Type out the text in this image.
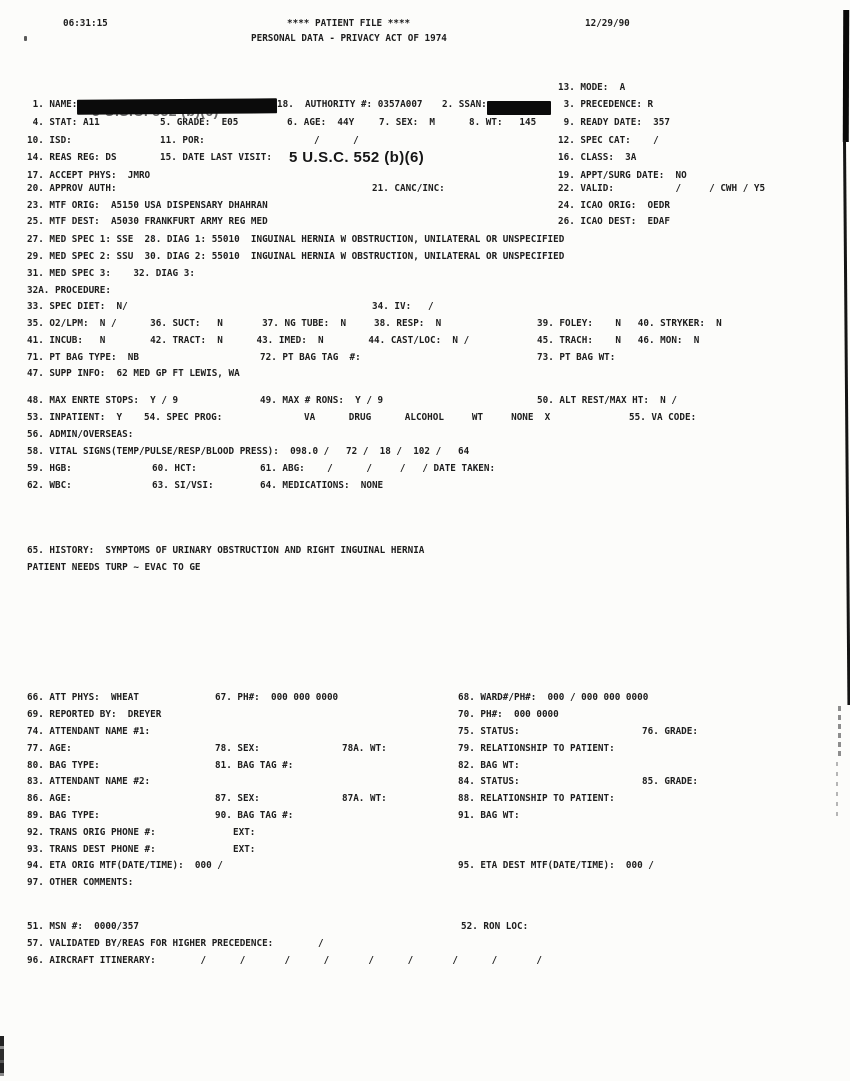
06:31:15	**** PATIENT FILE ****	12/29/90
PERSONAL DATA - PRIVACY ACT OF 1974
5 U.S.C. 552 (b)(6)
13. MODE:  A
1. NAME:	18.  AUTHORITY #: 0357A007 2. SSAN:	3. PRECEDENCE: R
4. STAT: A11	5. GRADE:  E05	6. AGE:  44Y	7. SEX:  M	8. WT:   145 9. READY DATE:  357
10. ISD:	11. POR:	/      /	12. SPEC CAT:    /
14. REAS REG: DS	15. DATE LAST VISIT:	16. CLASS:  3A
17. ACCEPT PHYS:  JMRO	19. APPT/SURG DATE:  NO
20. APPROV AUTH:	21. CANC/INC:	22. VALID:           /     / CWH / Y5
23. MTF ORIG:  A5150 USA DISPENSARY DHAHRAN	24. ICAO ORIG:  OEDR
25. MTF DEST:  A5030 FRANKFURT ARMY REG MED	26. ICAO DEST:  EDAF
27. MED SPEC 1: SSE  28. DIAG 1: 55010  INGUINAL HERNIA W OBSTRUCTION, UNILATERAL OR UNSPECIFIED
29. MED SPEC 2: SSU  30. DIAG 2: 55010  INGUINAL HERNIA W OBSTRUCTION, UNILATERAL OR UNSPECIFIED
31. MED SPEC 3:    32. DIAG 3:
32A. PROCEDURE:
33. SPEC DIET:  N/	34. IV:   /
35. O2/LPM:  N /      36. SUCT:   N       37. NG TUBE:  N     38. RESP:  N	39. FOLEY:    N   40. STRYKER:  N
41. INCUB:   N        42. TRACT:  N      43. IMED:  N        44. CAST/LOC:  N /	45. TRACH:    N   46. MON:  N
71. PT BAG TYPE:  NB	72. PT BAG TAG  #:	73. PT BAG WT:
47. SUPP INFO:  62 MED GP FT LEWIS, WA
48. MAX ENRTE STOPS:  Y / 9	49. MAX # RONS:  Y / 9	50. ALT REST/MAX HT:  N /
53. INPATIENT:  Y 54. SPEC PROG:	VA      DRUG      ALCOHOL     WT     NONE  X	55. VA CODE:
56. ADMIN/OVERSEAS:
58. VITAL SIGNS(TEMP/PULSE/RESP/BLOOD PRESS):  098.0 /   72 /  18 /  102 /   64
59. HGB:	60. HCT:	61. ABG:    /      /     /   / DATE TAKEN:
62. WBC:	63. SI/VSI:	64. MEDICATIONS:  NONE
65. HISTORY:  SYMPTOMS OF URINARY OBSTRUCTION AND RIGHT INGUINAL HERNIA
PATIENT NEEDS TURP ~ EVAC TO GE
66. ATT PHYS:  WHEAT	67. PH#:  000 000 0000	68. WARD#/PH#:  000 / 000 000 0000
69. REPORTED BY:  DREYER	70. PH#:  000 0000
74. ATTENDANT NAME #1:	75. STATUS:	76. GRADE:
77. AGE:	78. SEX:	78A. WT:	79. RELATIONSHIP TO PATIENT:
80. BAG TYPE:	81. BAG TAG #:	82. BAG WT:
83. ATTENDANT NAME #2:	84. STATUS:	85. GRADE:
86. AGE:	87. SEX:	87A. WT:	88. RELATIONSHIP TO PATIENT:
89. BAG TYPE:	90. BAG TAG #:	91. BAG WT:
92. TRANS ORIG PHONE #:	EXT:
93. TRANS DEST PHONE #:	EXT:
94. ETA ORIG MTF(DATE/TIME):  000 /	95. ETA DEST MTF(DATE/TIME):  000 /
97. OTHER COMMENTS:
51. MSN #:  0000/357	52. RON LOC:
57. VALIDATED BY/REAS FOR HIGHER PRECEDENCE:        /
96. AIRCRAFT ITINERARY:        /      /       /      /       /      /       /      /       /
